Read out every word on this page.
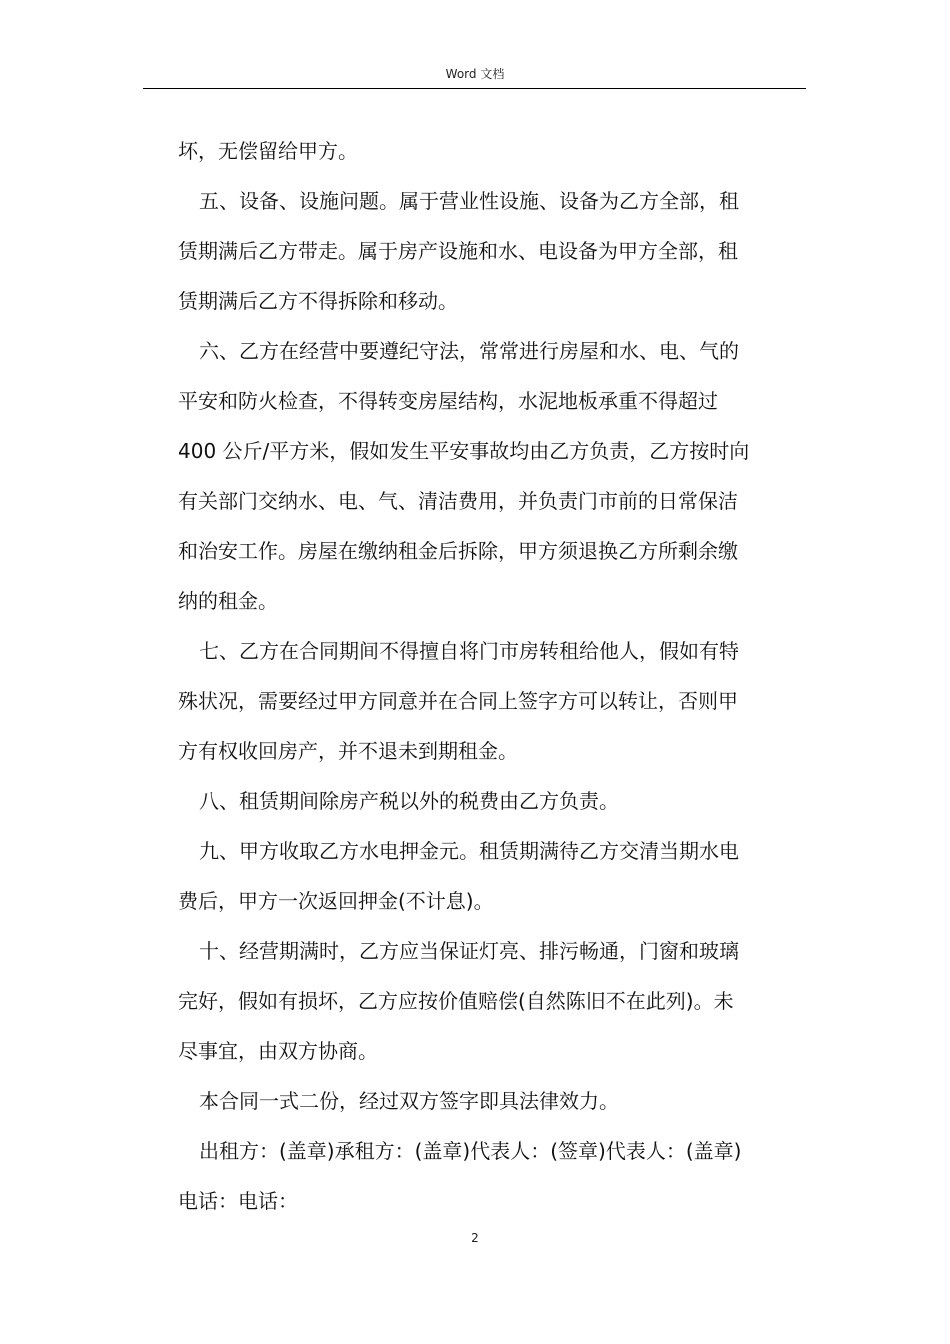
Word 文档
坏，无偿留给甲方。
五、设备、设施问题。属于营业性设施、设备为乙方全部，租
赁期满后乙方带走。属于房产设施和水、电设备为甲方全部，租
赁期满后乙方不得拆除和移动。
六、乙方在经营中要遵纪守法，常常进行房屋和水、电、气的
平安和防火检查，不得转变房屋结构，水泥地板承重不得超过
400 公斤/平方米，假如发生平安事故均由乙方负责，乙方按时向
有关部门交纳水、电、气、清洁费用，并负责门市前的日常保洁
和治安工作。房屋在缴纳租金后拆除，甲方须退换乙方所剩余缴
纳的租金。
七、乙方在合同期间不得擅自将门市房转租给他人，假如有特
殊状况，需要经过甲方同意并在合同上签字方可以转让，否则甲
方有权收回房产，并不退未到期租金。
八、租赁期间除房产税以外的税费由乙方负责。
九、甲方收取乙方水电押金元。租赁期满待乙方交清当期水电
费后，甲方一次返回押金(不计息)。
十、经营期满时，乙方应当保证灯亮、排污畅通，门窗和玻璃
完好，假如有损坏，乙方应按价值赔偿(自然陈旧不在此列)。未
尽事宜，由双方协商。
本合同一式二份，经过双方签字即具法律效力。
出租方：(盖章)承租方：(盖章)代表人：(签章)代表人：(盖章)
电话：电话：
2
